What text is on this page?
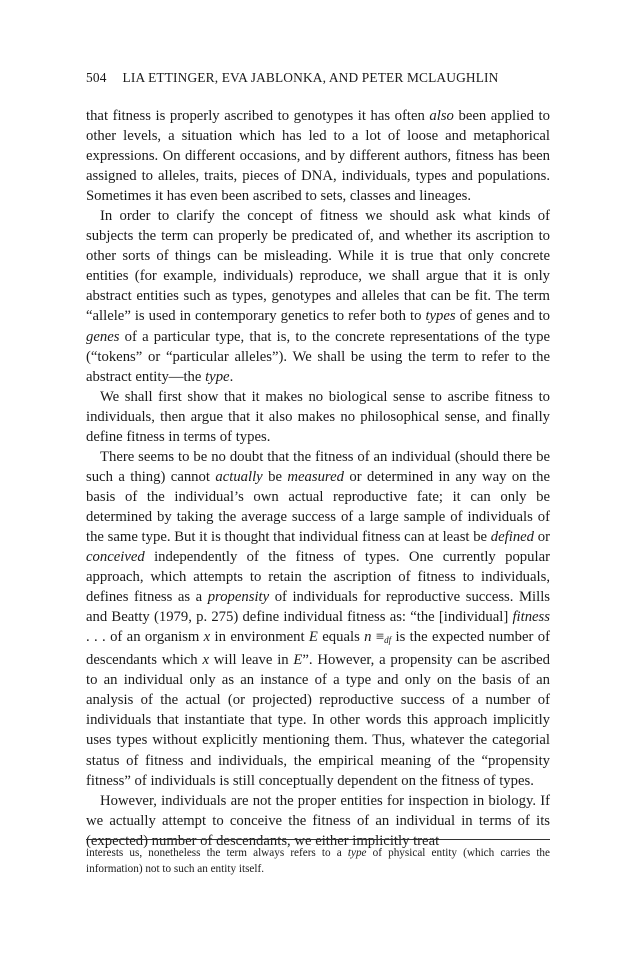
504 LIA ETTINGER, EVA JABLONKA, AND PETER MCLAUGHLIN

that fitness is properly ascribed to genotypes it has often also been applied to other levels, a situation which has led to a lot of loose and metaphorical expressions. On different occasions, and by different authors, fitness has been assigned to alleles, traits, pieces of DNA, individuals, types and populations. Sometimes it has even been ascribed to sets, classes and lineages.

In order to clarify the concept of fitness we should ask what kinds of subjects the term can properly be predicated of, and whether its ascription to other sorts of things can be misleading. While it is true that only concrete entities (for example, individuals) reproduce, we shall argue that it is only abstract entities such as types, genotypes and alleles that can be fit. The term “allele” is used in contemporary genetics to refer both to types of genes and to genes of a particular type, that is, to the concrete representations of the type (“tokens” or “particular alleles”). We shall be using the term to refer to the abstract entity—the type.

We shall first show that it makes no biological sense to ascribe fitness to individuals, then argue that it also makes no philosophical sense, and finally define fitness in terms of types.

There seems to be no doubt that the fitness of an individual (should there be such a thing) cannot actually be measured or determined in any way on the basis of the individual’s own actual reproductive fate; it can only be determined by taking the average success of a large sample of individuals of the same type. But it is thought that individual fitness can at least be defined or conceived independently of the fitness of types. One currently popular approach, which attempts to retain the ascription of fitness to individuals, defines fitness as a propensity of individuals for reproductive success. Mills and Beatty (1979, p. 275) define individual fitness as: “the [individual] fitness . . . of an organism x in environment E equals $n \equiv_{df}$ is the expected number of descendants which x will leave in E”. However, a propensity can be ascribed to an individual only as an instance of a type and only on the basis of an analysis of the actual (or projected) reproductive success of a number of individuals that instantiate that type. In other words this approach implicitly uses types without explicitly mentioning them. Thus, whatever the categorial status of fitness and individuals, the empirical meaning of the “propensity fitness” of individuals is still conceptually dependent on the fitness of types.

However, individuals are not the proper entities for inspection in biology. If we actually attempt to conceive the fitness of an individual in terms of its (expected) number of descendants, we either implicitly treat

interests us, nonetheless the term always refers to a type of physical entity (which carries the information) not to such an entity itself.
